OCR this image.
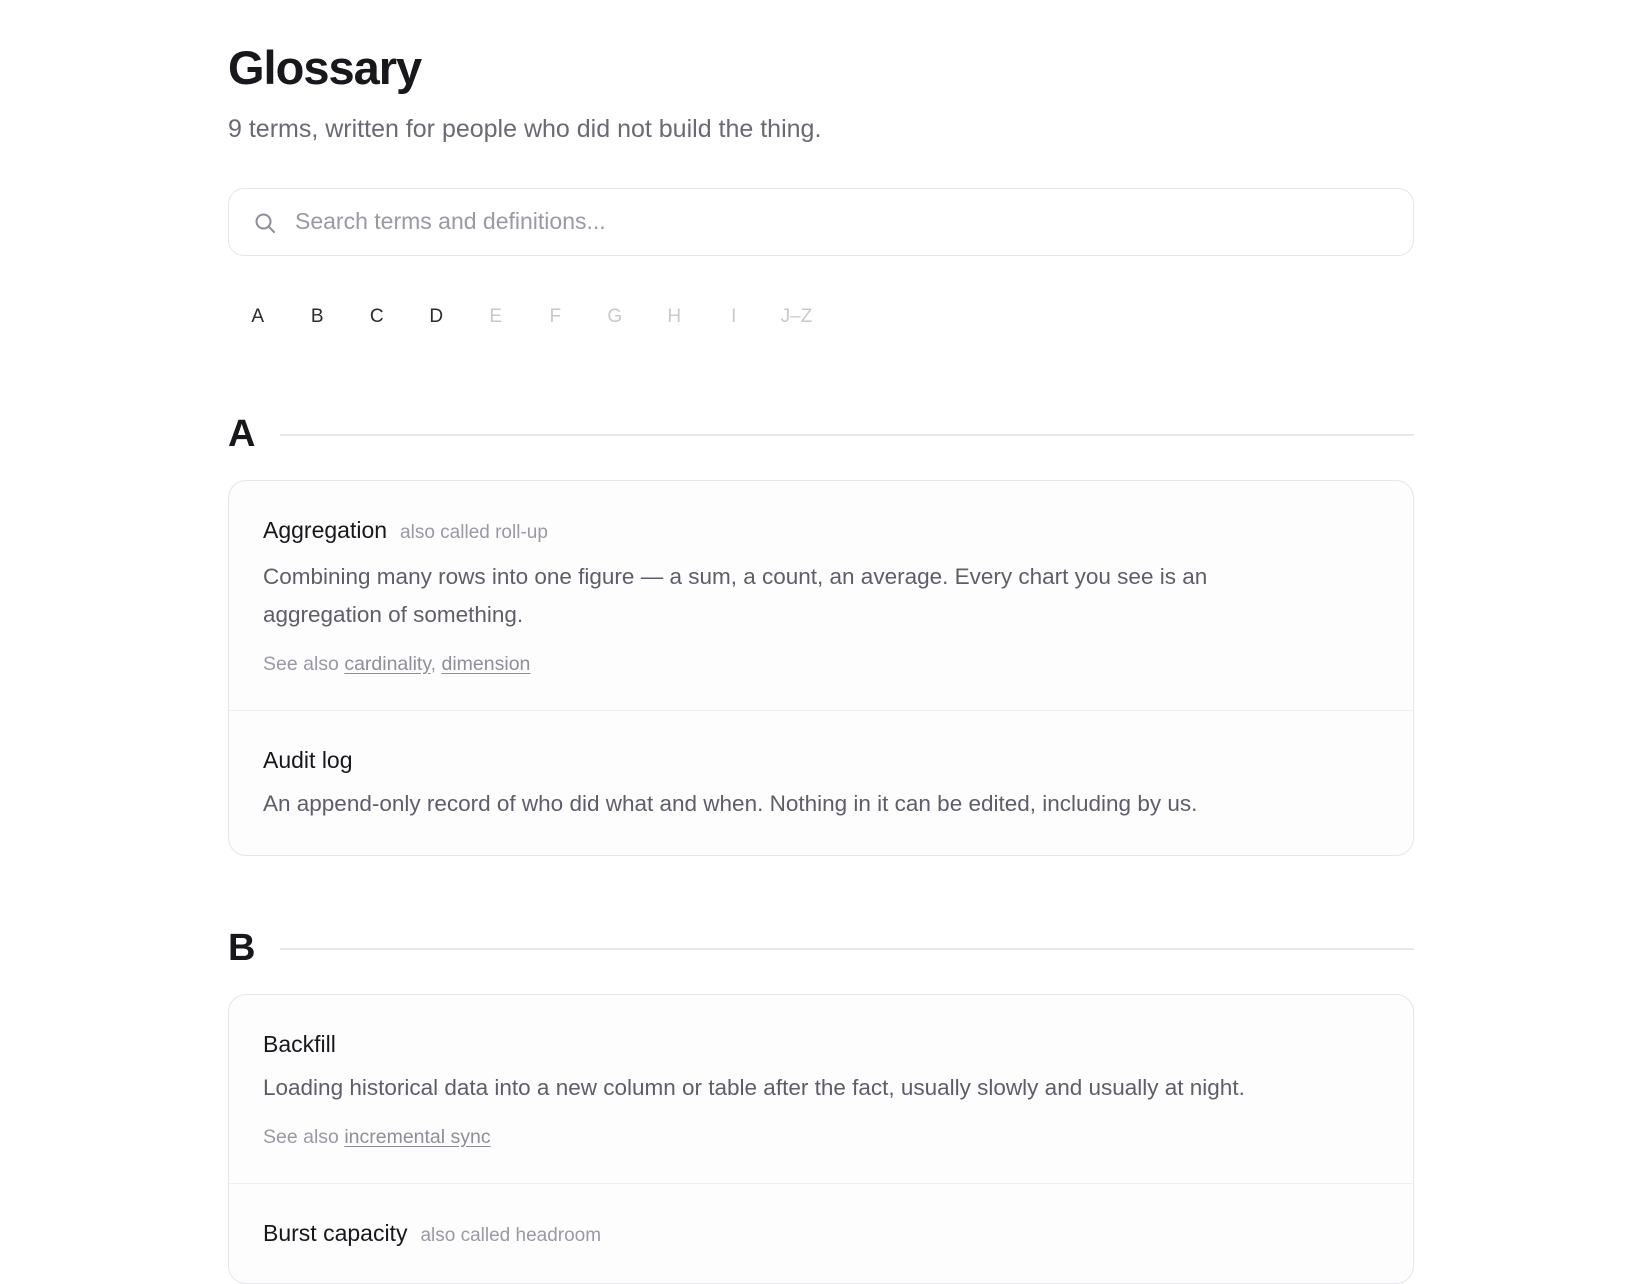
Glossary

9 terms, written for people who did not build the thing.

Search terms and definitions...
A	B	C	D	E	F	G	H	I	J–Z
A
Aggregation also called roll-up

Combining many rows into one figure — a sum, a count, an average. Every chart you see is an aggregation of something.

See also cardinality, dimension
Audit log

An append-only record of who did what and when. Nothing in it can be edited, including by us.

B
Backfill

Loading historical data into a new column or table after the fact, usually slowly and usually at night.

See also incremental sync
Burst capacity also called headroom
